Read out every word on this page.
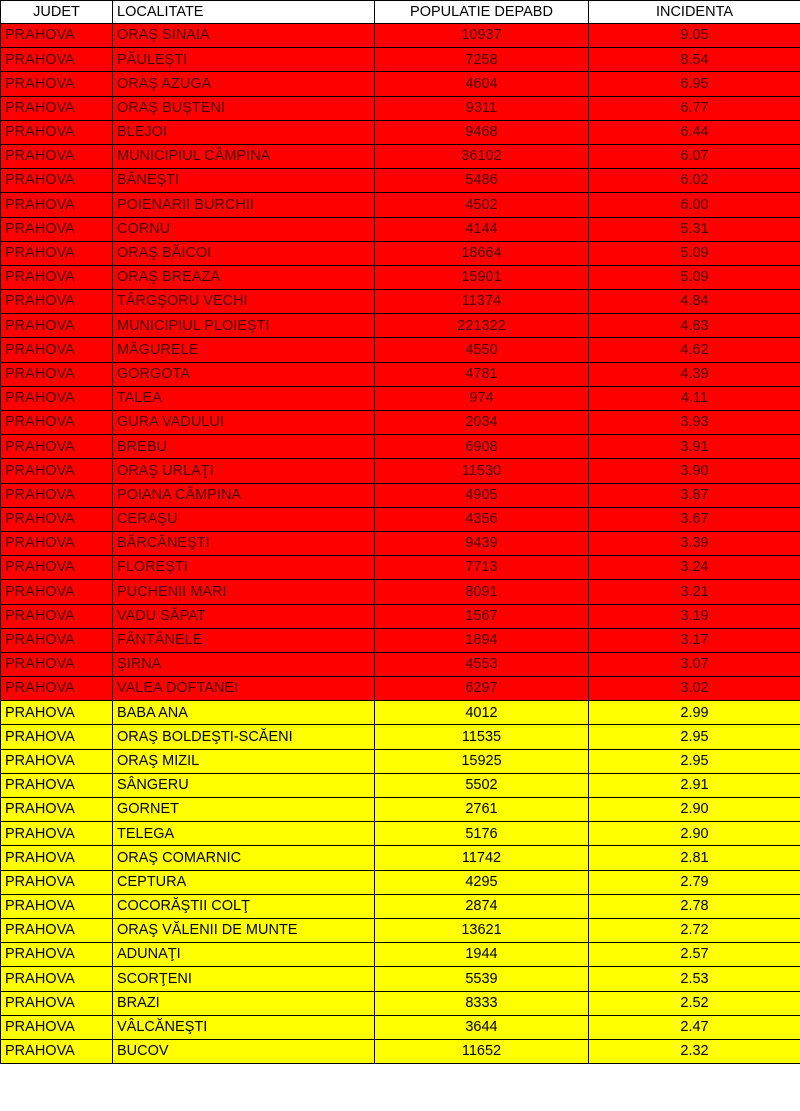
JUDET	LOCALITATE	POPULATIE DEPABD	INCIDENTA
PRAHOVA	ORAŞ SINAIA	10937	9.05
PRAHOVA	PĂULEŞTI	7258	8.54
PRAHOVA	ORAŞ AZUGA	4604	6.95
PRAHOVA	ORAŞ BUŞTENI	9311	6.77
PRAHOVA	BLEJOI	9468	6.44
PRAHOVA	MUNICIPIUL CÂMPINA	36102	6.07
PRAHOVA	BĂNEŞTI	5486	6.02
PRAHOVA	POIENARII BURCHII	4502	6.00
PRAHOVA	CORNU	4144	5.31
PRAHOVA	ORAŞ BĂICOI	18664	5.09
PRAHOVA	ORAŞ BREAZA	15901	5.09
PRAHOVA	TÂRGŞORU VECHI	11374	4.84
PRAHOVA	MUNICIPIUL PLOIEŞTI	221322	4.83
PRAHOVA	MĂGURELE	4550	4.62
PRAHOVA	GORGOTA	4781	4.39
PRAHOVA	TALEA	974	4.11
PRAHOVA	GURA VADULUI	2034	3.93
PRAHOVA	BREBU	6908	3.91
PRAHOVA	ORAŞ URLAŢI	11530	3.90
PRAHOVA	POIANA CÂMPINA	4905	3.87
PRAHOVA	CERAŞU	4356	3.67
PRAHOVA	BĂRCĂNEŞTI	9439	3.39
PRAHOVA	FLOREŞTI	7713	3.24
PRAHOVA	PUCHENII MARI	8091	3.21
PRAHOVA	VADU SĂPAT	1567	3.19
PRAHOVA	FÂNTÂNELE	1894	3.17
PRAHOVA	ŞIRNA	4553	3.07
PRAHOVA	VALEA DOFTANEI	6297	3.02
PRAHOVA	BABA ANA	4012	2.99
PRAHOVA	ORAŞ BOLDEŞTI-SCĂENI	11535	2.95
PRAHOVA	ORAŞ MIZIL	15925	2.95
PRAHOVA	SÂNGERU	5502	2.91
PRAHOVA	GORNET	2761	2.90
PRAHOVA	TELEGA	5176	2.90
PRAHOVA	ORAŞ COMARNIC	11742	2.81
PRAHOVA	CEPTURA	4295	2.79
PRAHOVA	COCORĂŞTII COLŢ	2874	2.78
PRAHOVA	ORAŞ VĂLENII DE MUNTE	13621	2.72
PRAHOVA	ADUNAŢI	1944	2.57
PRAHOVA	SCORŢENI	5539	2.53
PRAHOVA	BRAZI	8333	2.52
PRAHOVA	VÂLCĂNEŞTI	3644	2.47
PRAHOVA	BUCOV	11652	2.32
